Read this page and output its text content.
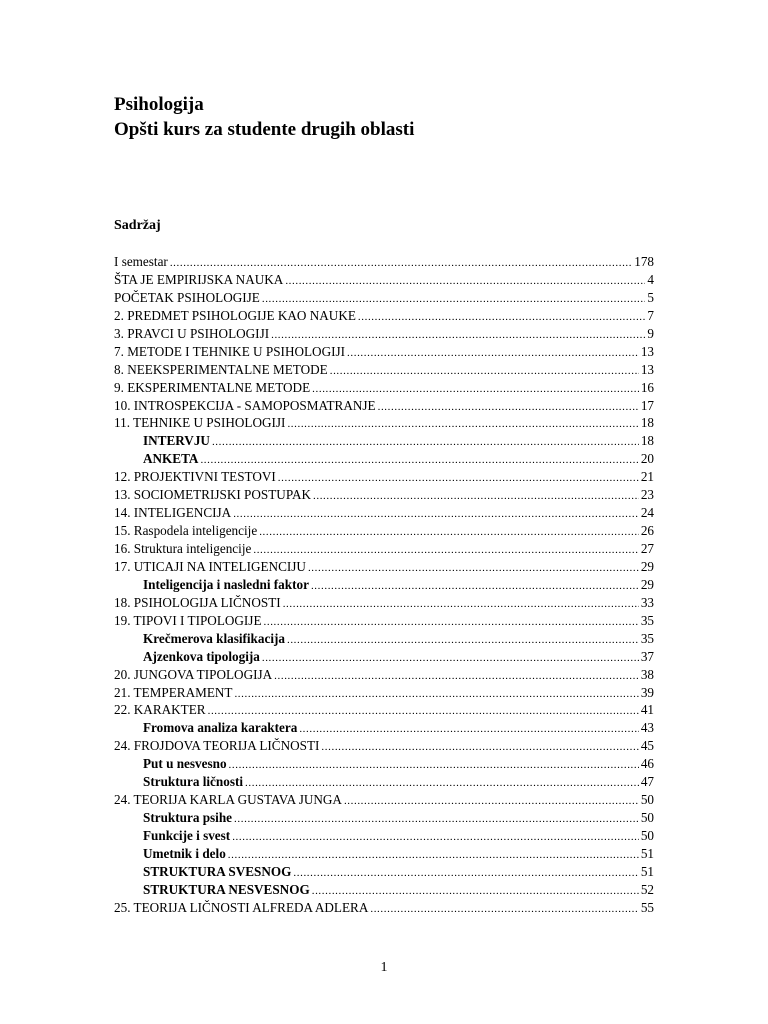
Psihologija
Opšti kurs za studente drugih oblasti
Sadržaj
I semestar .....	178
ŠTA JE EMPIRIJSKA NAUKA .....	4
POČETAK PSIHOLOGIJE .....	5
2. PREDMET PSIHOLOGIJE KAO NAUKE .....	7
3. PRAVCI U PSIHOLOGIJI .....	9
7. METODE I TEHNIKE U PSIHOLOGIJI .....	13
8. NEEKSPERIMENTALNE METODE .....	13
9. EKSPERIMENTALNE METODE .....	16
10. INTROSPEKCIJA - SAMOPOSMATRANJE .....	17
11. TEHNIKE U PSIHOLOGIJI .....	18
INTERVJU .....	18
ANKETA .....	20
12. PROJEKTIVNI TESTOVI .....	21
13. SOCIOMETRIJSKI POSTUPAK .....	23
14. INTELIGENCIJA .....	24
15. Raspodela inteligencije .....	26
16. Struktura inteligencije .....	27
17. UTICAJI NA INTELIGENCIJU .....	29
Inteligencija i nasledni faktor .....	29
18. PSIHOLOGIJA LIČNOSTI .....	33
19. TIPOVI I TIPOLOGIJE .....	35
Krečmerova klasifikacija .....	35
Ajzenkova tipologija .....	37
20. JUNGOVA TIPOLOGIJA .....	38
21. TEMPERAMENT .....	39
22. KARAKTER .....	41
Fromova analiza karaktera .....	43
24. FROJDOVA TEORIJA LIČNOSTI .....	45
Put u nesvesno .....	46
Struktura ličnosti .....	47
24. TEORIJA KARLA GUSTAVA JUNGA .....	50
Struktura psihe .....	50
Funkcije i svest .....	50
Umetnik i delo .....	51
STRUKTURA SVESNOG .....	51
STRUKTURA NESVESNOG .....	52
25. TEORIJA LIČNOSTI ALFREDA ADLERA .....	55
1
